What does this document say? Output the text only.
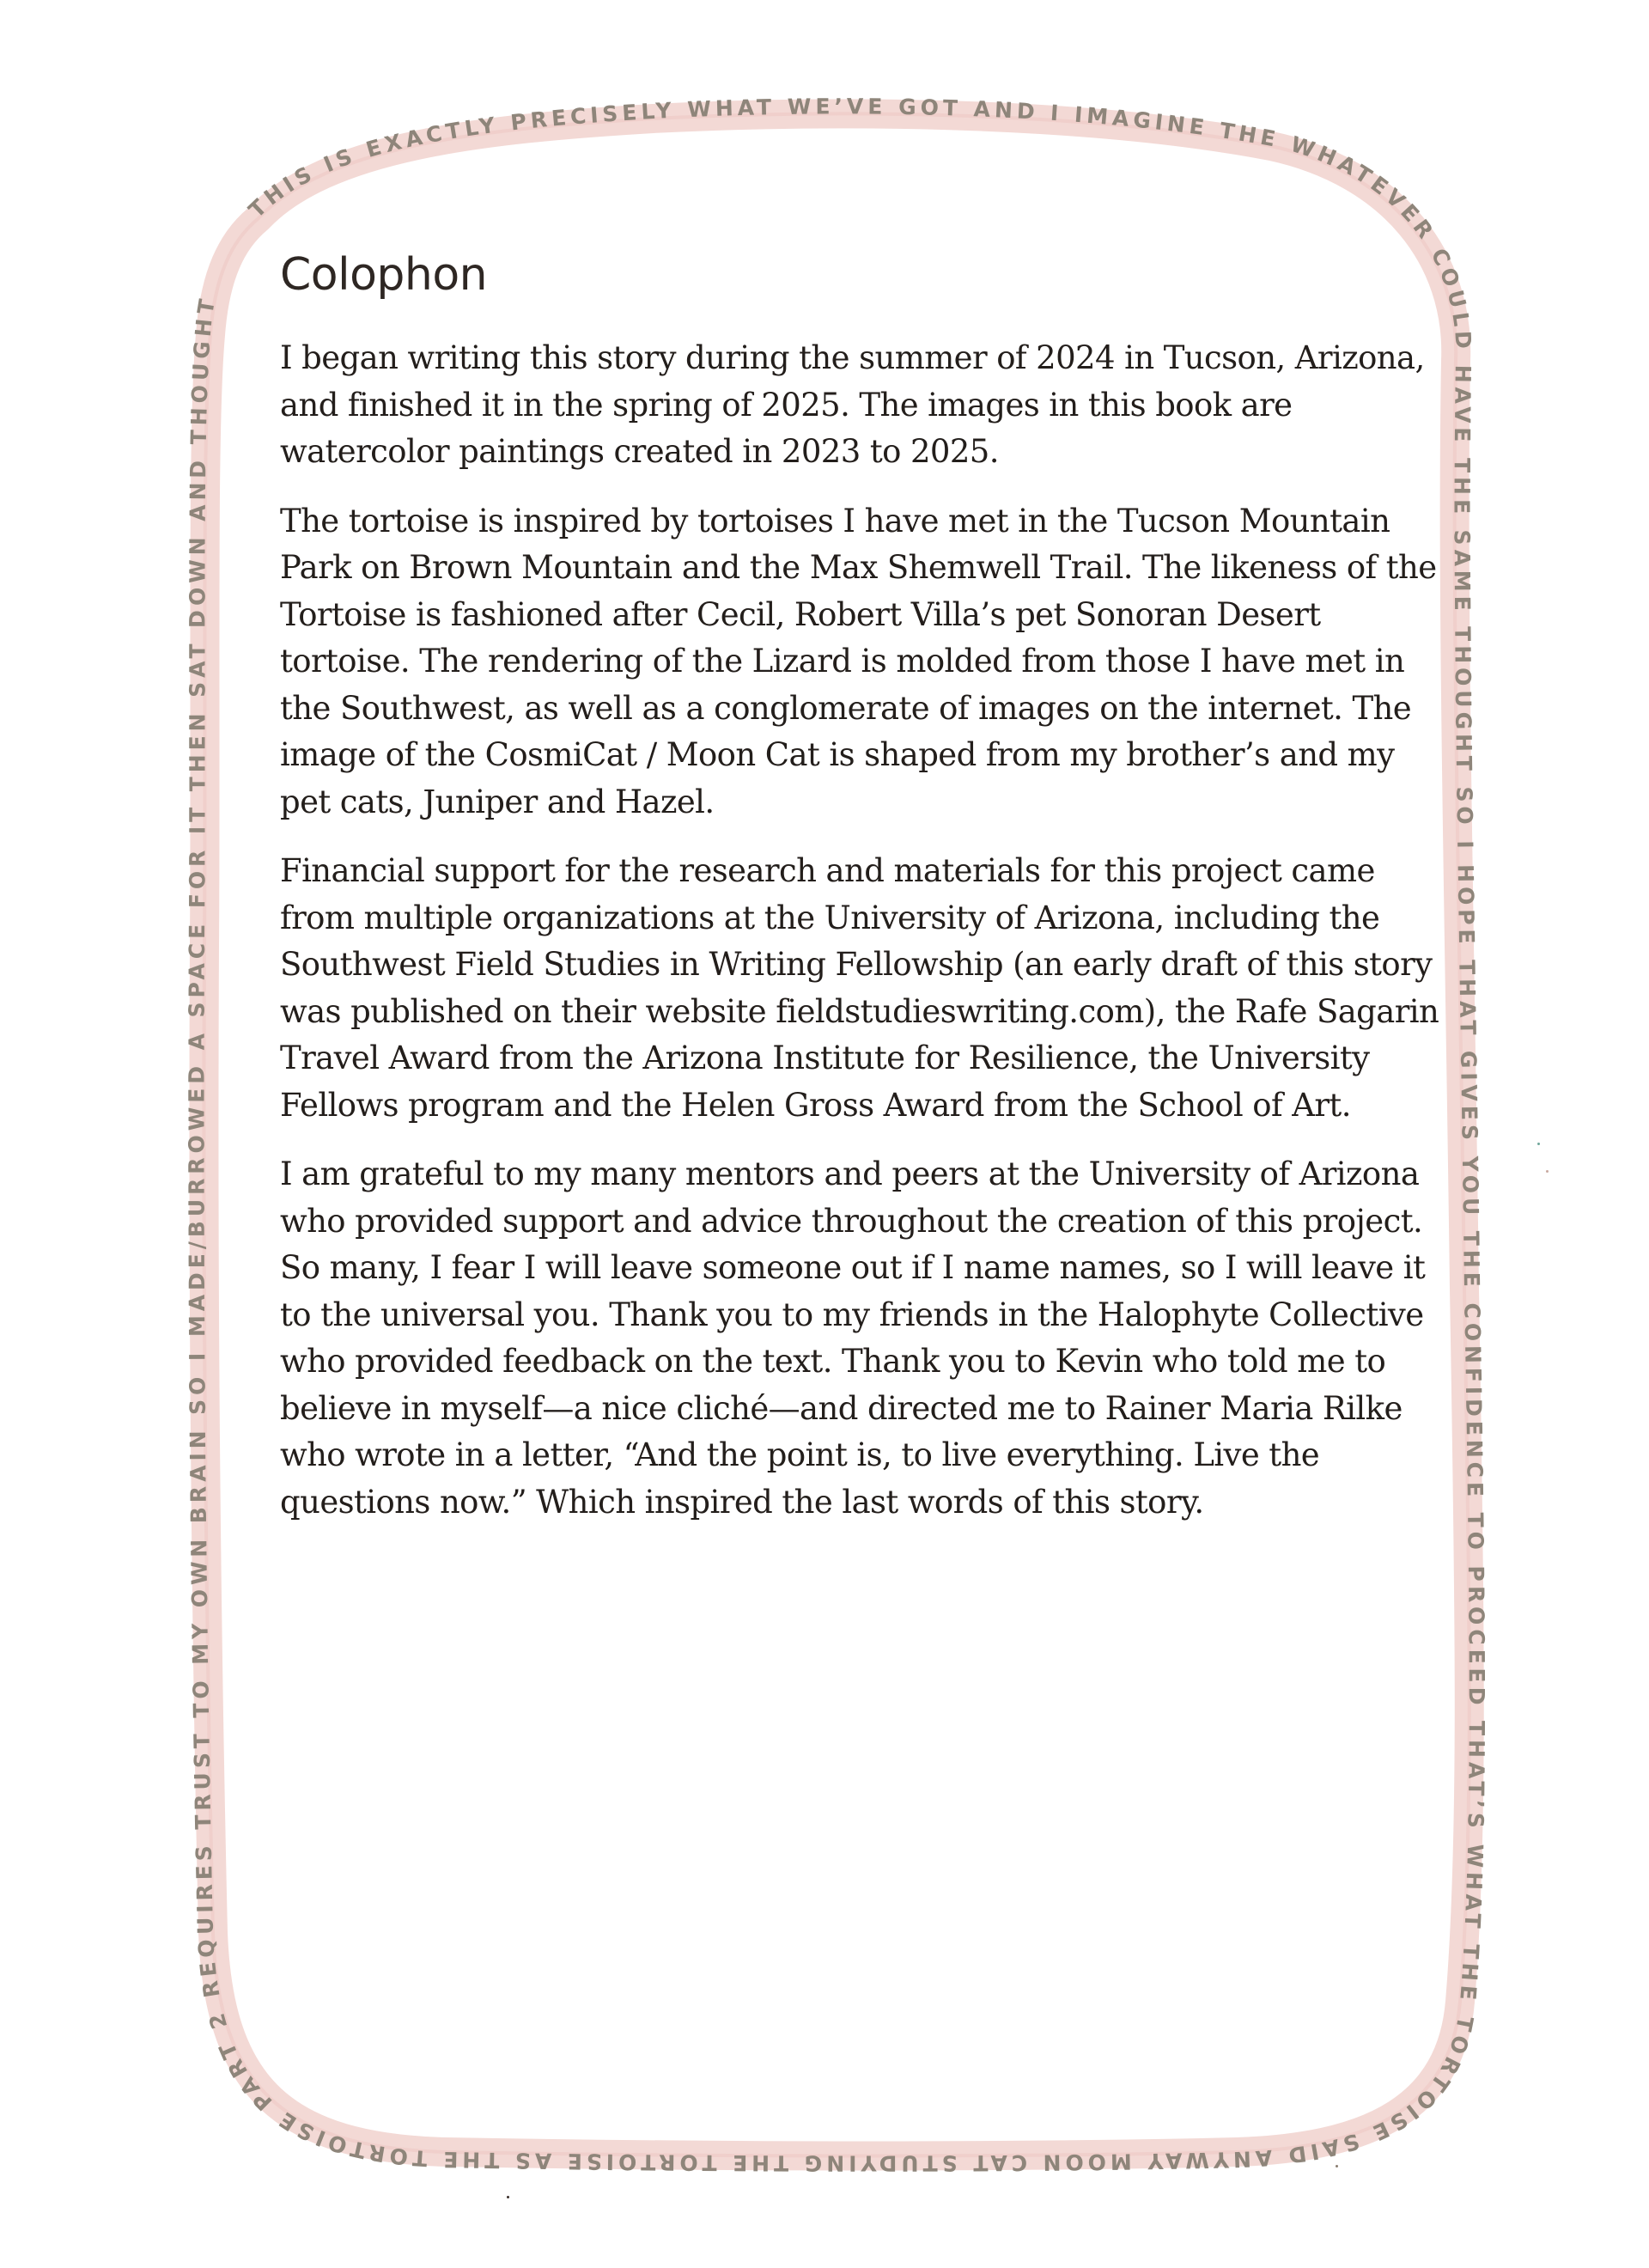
THIS IS EXACTLY PRECISELY WHAT WE’VE GOT AND I IMAGINE THE WHATEVER COULD HAVE THE SAME THOUGHT SO I HOPE THAT GIVES YOU THE CONFIDENCE TO PROCEED THAT’S WHAT THE TORTOISE SAID ANYWAY MOON CAT STUDYING THE TORTOISE AS THE TORTOISE PART 2 REQUIRES TRUST TO MY OWN BRAIN SO I MADE/BURROWED A SPACE FOR IT THEN SAT DOWN AND THOUGHT
Colophon

I began writing this story during the summer of 2024 in Tucson, Arizona, and finished it in the spring of 2025. The images in this book are watercolor paintings created in 2023 to 2025.

The tortoise is inspired by tortoises I have met in the Tucson Mountain Park on Brown Mountain and the Max Shemwell Trail. The likeness of the Tortoise is fashioned after Cecil, Robert Villa’s pet Sonoran Desert tortoise. The rendering of the Lizard is molded from those I have met in the Southwest, as well as a conglomerate of images on the internet. The image of the CosmiCat / Moon Cat is shaped from my brother’s and my pet cats, Juniper and Hazel.

Financial support for the research and materials for this project came from multiple organizations at the University of Arizona, including the Southwest Field Studies in Writing Fellowship (an early draft of this story was published on their website fieldstudieswriting.com), the Rafe Sagarin Travel Award from the Arizona Institute for Resilience, the University Fellows program and the Helen Gross Award from the School of Art.

I am grateful to my many mentors and peers at the University of Arizona who provided support and advice throughout the creation of this project. So many, I fear I will leave someone out if I name names, so I will leave it to the universal you. Thank you to my friends in the Halophyte Collective who provided feedback on the text. Thank you to Kevin who told me to believe in myself—a nice cliché—and directed me to Rainer Maria Rilke who wrote in a letter, “And the point is, to live everything. Live the questions now.” Which inspired the last words of this story.
